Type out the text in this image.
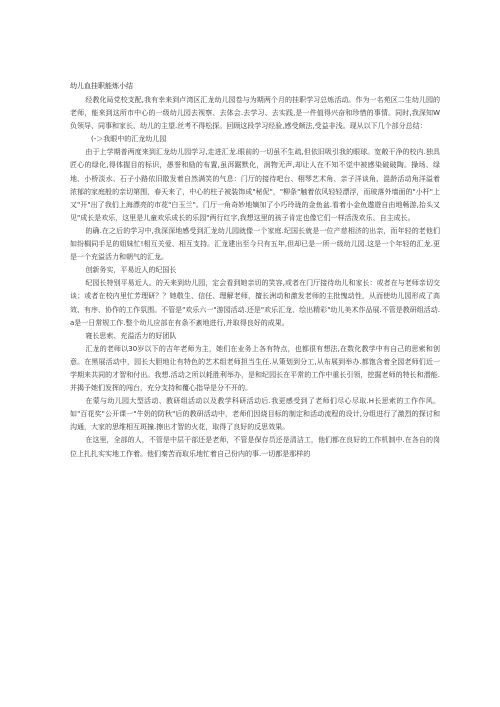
幼儿血挂职能炼小结

经教化局党校支配,我有幸来到卢湾区汇龙幼儿园卷与为期两个月的挂职学习总炼活动。作为一名苑区二生幼儿园的老师，能来到这所市中心的一级幼儿园去视察、去体会.去学习、去实践,是一件值得兴奋和珍惜的事情。同时,我深知W负领导、同事和家长、幼儿的主望.丝考不得松探。回顾这段学习经验,感受颇法,受益非浅。现从以下几个部分总结：

(-＞我眼中的汇龙幼儿园

由于上学期普两度来到汇龙幼儿园学习,走进汇龙.眼前的一切虽不生疏,但依旧吸引我的眼球。宽敞干净的校内.独具匠心的绿化,得体握目的标识，愚誉和励的布置,虽洱踞默化，润物无声,却让人在不知不觉中被感染破破陶。操场、绿地、小桥淡水、石子小路依旧散发着自然满笑的气息：门厅的接待吧台、栩琴艺术角、亲子洋谈角、混龄活动角洋溢着浓郁的家庭般的亲切第围，春天来了，中心的柱子被装饰成"秘伲"，"柳条"触着依风轻轻漂浮，而玻落外墙面的"小杆"上又"开"出了我们上海漂亮的市花"白玉兰"。门厅一角奇妙地嫡加了小巧玲珑的金鱼盆.看着小金鱼遨遊自由地畅游,抬头又见"成长是欢乐，这里是儿童欢乐成长的乐园"两行红字,我想这里的孩子肯定也像它们一样活泼欢乐、自主成长。

的确.在之后的学习中,我深深地感受到汇龙幼儿园就像一个家庭.纪国长就是一位产慈相济的出亲，而年轻的老他们如纷榈同手足的姐妹忙!相互关爱、相互支持。汇龙建出至今只有五年,但却已是一所一级幼儿园.这是一个年轻的汇龙.更是一个充溢活力和朝气的汇龙。

创新务实，平易近人的纪国长

纪园长特别平易近人。的天来到幼儿园，定会看到她亲切的笑容,或者在门厅接待幼儿和家长：或者在与老师亲切交谈；或者在校内里忙芳理研？？她敬生、信任、理解老师，擅长洲动和激发老师的主批愧动性，从而使幼儿园形成了高效、有序、协作的工作氛围。不管是"欢乐六一"游园活动.还是"欢乐汇龙、绘出精彩"幼儿美术作品展.不管是教研组活动.a是一日常规工作.整个幼儿应部在有条不紊地进行,并取得良好的成果。

寝长思索、充溢活力的好团队

汇龙的老师以30岁以下的吉年老师为主，她们在业务上各有特点，也都很有想法,在数化教学中有自己的思索和创意。在黑展活动中，园长大胆地让有特色的艺术组老师担当生任.从策划到分工,从布展到举办.都饱含着全园老师们近一学期来共同的才智和付出。我想.活动之所以耗胜利举办，是和纪园长在平常的工作中重长引领，挖掘老师的特长和潜能.并揭予她们发挥的闯台，充分支持和覆心指导是分不开的。

在蒙与幼儿园大型活动、教研组活动以及教学科研活动后.我更感受到了老师们尽心尽取.H长思索的工作作风。如"百花奖"公开课一"牛奶的防秋"后的教研活动中，老师们因烧目标的制定和活动流程的设计,分组进行了激烈的探讨和沟通，大家的思维相互斑撞.擦出才智的火花，取得了良好的反思效果。

在这里，全部的人，不管是中层干部还是老师，不管是保存员还是清洁工，他们都在良好的工作机制中.在各自的岗位上扎扎实实地工作着。他们秦苦而取乐地忙着自己份内的事.一切都是那样的
